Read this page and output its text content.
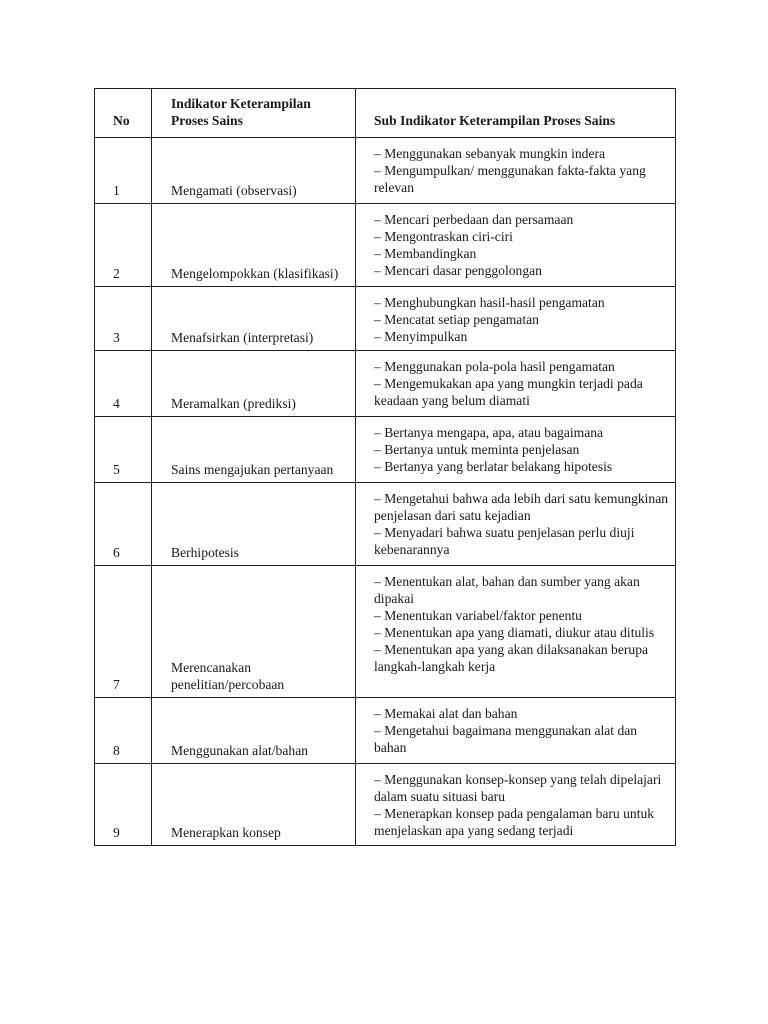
No	Indikator Keterampilan Proses Sains	Sub Indikator Keterampilan Proses Sains
1	Mengamati (observasi)	– Menggunakan sebanyak mungkin indera
– Mengumpulkan/ menggunakan fakta-fakta yang relevan

2	Mengelompokkan (klasifikasi)	– Mencari perbedaan dan persamaan
– Mengontraskan ciri-ciri
– Membandingkan
– Mencari dasar penggolongan

3	Menafsirkan (interpretasi)	– Menghubungkan hasil-hasil pengamatan
– Mencatat setiap pengamatan
– Menyimpulkan

4	Meramalkan (prediksi)	– Menggunakan pola-pola hasil pengamatan
– Mengemukakan apa yang mungkin terjadi pada keadaan yang belum diamati

5	Sains mengajukan pertanyaan	– Bertanya mengapa, apa, atau bagaimana
– Bertanya untuk meminta penjelasan
– Bertanya yang berlatar belakang hipotesis

6	Berhipotesis	– Mengetahui bahwa ada lebih dari satu kemungkinan penjelasan dari satu kejadian
– Menyadari bahwa suatu penjelasan perlu diuji kebenarannya

7	Merencanakan penelitian/percobaan	– Menentukan alat, bahan dan sumber yang akan dipakai
– Menentukan variabel/faktor penentu
– Menentukan apa yang diamati, diukur atau ditulis
– Menentukan apa yang akan dilaksanakan berupa langkah-langkah kerja

8	Menggunakan alat/bahan	– Memakai alat dan bahan
– Mengetahui bagaimana menggunakan alat dan bahan

9	Menerapkan konsep	– Menggunakan konsep-konsep yang telah dipelajari dalam suatu situasi baru
– Menerapkan konsep pada pengalaman baru untuk menjelaskan apa yang sedang terjadi
